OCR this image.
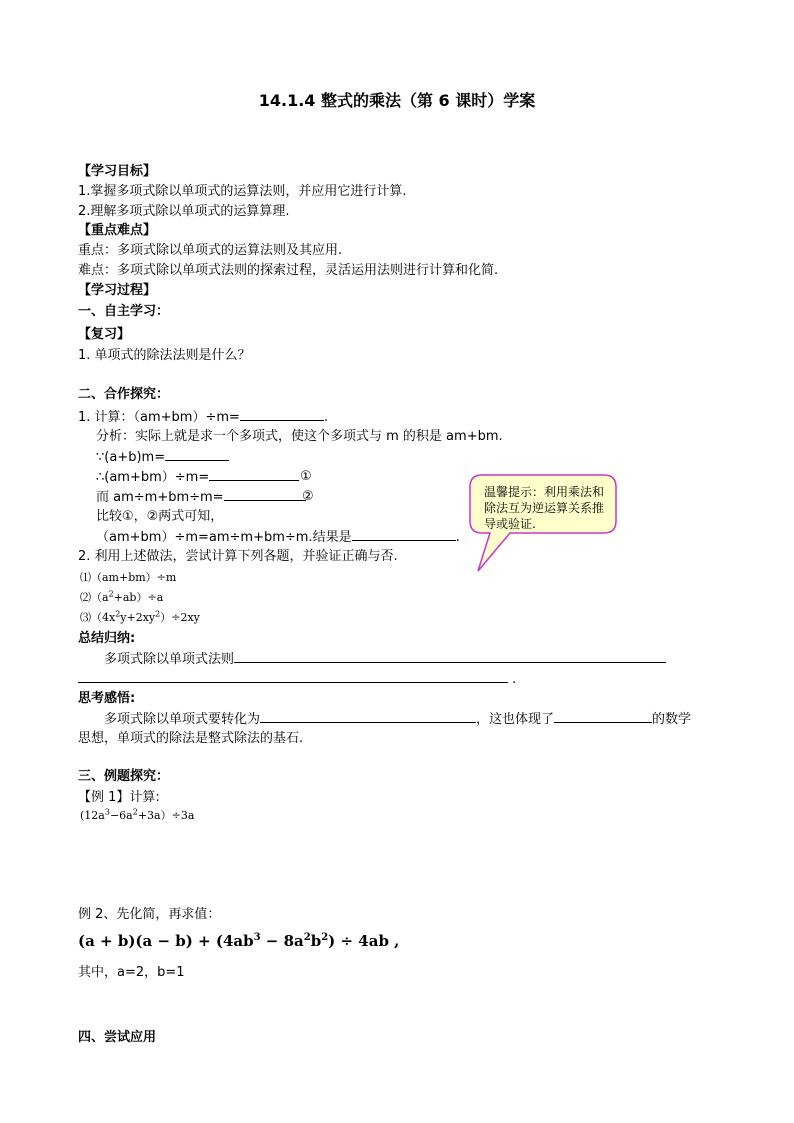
14.1.4 整式的乘法（第 6 课时）学案
【学习目标】
1.掌握多项式除以单项式的运算法则，并应用它进行计算.
2.理解多项式除以单项式的运算算理.
【重点难点】
重点：多项式除以单项式的运算法则及其应用.
难点：多项式除以单项式法则的探索过程，灵活运用法则进行计算和化简.
【学习过程】
一、自主学习：
【复习】
1. 单项式的除法法则是什么？
二、合作探究：
1. 计算：（am+bm）÷m=	.
分析：实际上就是求一个多项式，使这个多项式与 m 的积是 am+bm.
∵(a+b)m=
∴(am+bm）÷m=	①
而 am÷m+bm÷m=	②
比较①，②两式可知，
（am+bm）÷m=am÷m+bm÷m.结果是	.
2. 利用上述做法，尝试计算下列各题，并验证正确与否.
⑴（am+bm）÷m
$⑵(a^2+ab)\div a$
$⑶(4x^2y+2xy^2)\div 2xy$
温馨提示：利用乘法和除法互为逆运算关系推导或验证.
总结归纳:
多项式除以单项式法则
.
思考感悟:
多项式除以单项式要转化为	，这也体现了	的数学
思想，单项式的除法是整式除法的基石.
三、例题探究：
【例 1】计算:
$(12a^3-6a^2+3a)\div 3a$
例 2、先化简，再求值：
$(a + b)(a - b) + (4ab^3 - 8a^2b^2) \div 4ab$ ,
其中，a=2，b=1
四、尝试应用
